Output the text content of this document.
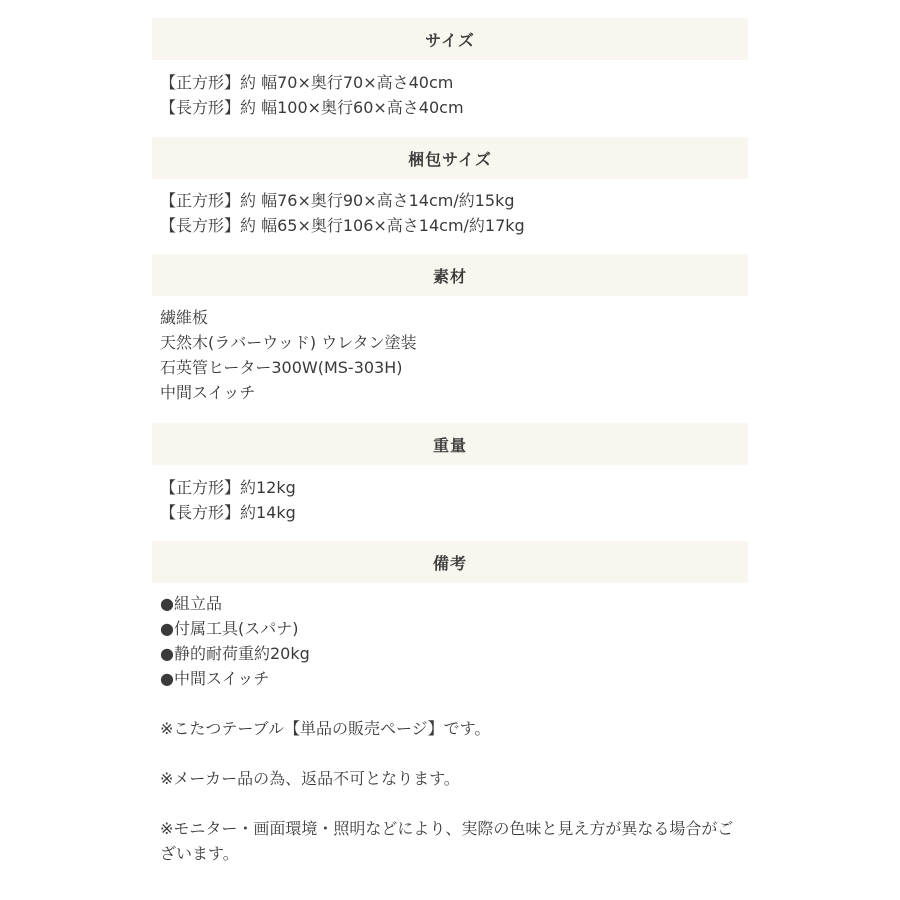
サイズ
【正方形】約 幅70×奥行70×高さ40cm
【長方形】約 幅100×奥行60×高さ40cm
梱包サイズ
【正方形】約 幅76×奥行90×高さ14cm/約15kg
【長方形】約 幅65×奥行106×高さ14cm/約17kg
素材
繊維板
天然木(ラバーウッド) ウレタン塗装
石英管ヒーター300W(MS-303H)
中間スイッチ
重量
【正方形】約12kg
【長方形】約14kg
備考
●組立品
●付属工具(スパナ)
●静的耐荷重約20kg
●中間スイッチ
※こたつテーブル【単品の販売ページ】です。
※メーカー品の為、返品不可となります。
※モニター・画面環境・照明などにより、実際の色味と見え方が異なる場合がございます。
